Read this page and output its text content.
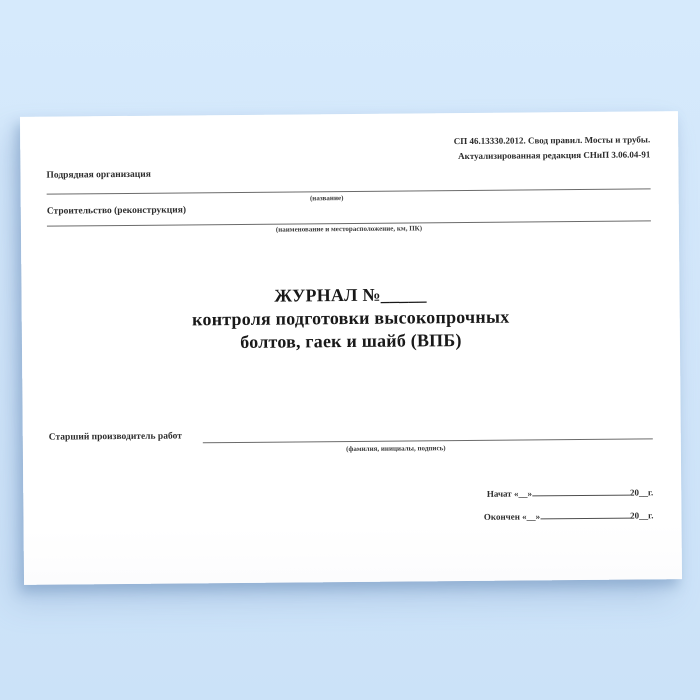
СП 46.13330.2012. Свод правил. Мосты и трубы.
Актуализированная редакция СНиП 3.06.04-91
Подрядная организация
(название)
Строительство (реконструкция)
(наименование и месторасположение, км, ПК)
ЖУРНАЛ №_____
контроля подготовки высокопрочных
болтов, гаек и шайб (ВПБ)
Старший производитель работ
(фамилия, инициалы, подпись)
Начат «__»	20__г.
Окончен «__»	20__г.
